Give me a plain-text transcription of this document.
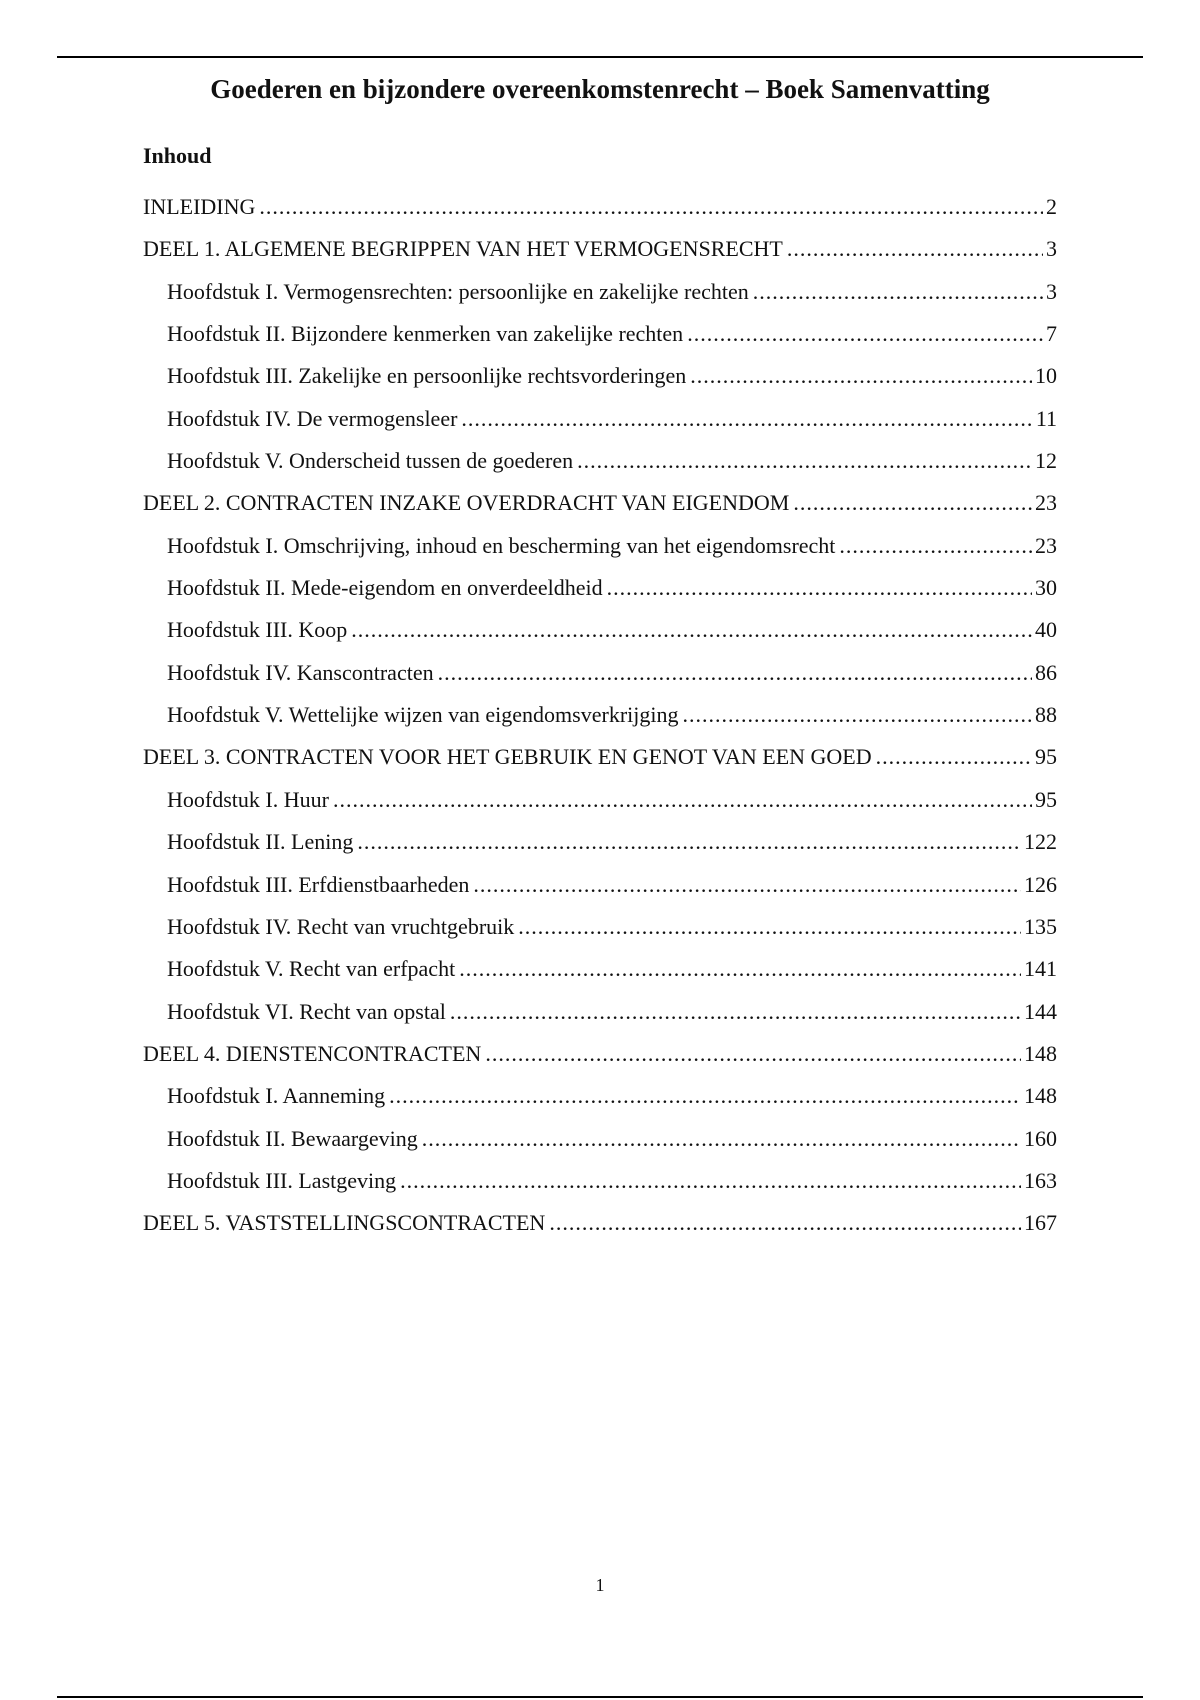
Goederen en bijzondere overeenkomstenrecht – Boek Samenvatting
Inhoud
INLEIDING .....	2
DEEL 1. ALGEMENE BEGRIPPEN VAN HET VERMOGENSRECHT .....	3
Hoofdstuk I. Vermogensrechten: persoonlijke en zakelijke rechten .....	3
Hoofdstuk II. Bijzondere kenmerken van zakelijke rechten .....	7
Hoofdstuk III. Zakelijke en persoonlijke rechtsvorderingen .....	10
Hoofdstuk IV. De vermogensleer .....	11
Hoofdstuk V. Onderscheid tussen de goederen .....	12
DEEL 2. CONTRACTEN INZAKE OVERDRACHT VAN EIGENDOM .....	23
Hoofdstuk I. Omschrijving, inhoud en bescherming van het eigendomsrecht .....	23
Hoofdstuk II. Mede-eigendom en onverdeeldheid .....	30
Hoofdstuk III. Koop .....	40
Hoofdstuk IV. Kanscontracten .....	86
Hoofdstuk V. Wettelijke wijzen van eigendomsverkrijging .....	88
DEEL 3. CONTRACTEN VOOR HET GEBRUIK EN GENOT VAN EEN GOED .....	95
Hoofdstuk I. Huur .....	95
Hoofdstuk II. Lening .....	122
Hoofdstuk III. Erfdienstbaarheden .....	126
Hoofdstuk IV. Recht van vruchtgebruik .....	135
Hoofdstuk V. Recht van erfpacht .....	141
Hoofdstuk VI. Recht van opstal .....	144
DEEL 4. DIENSTENCONTRACTEN .....	148
Hoofdstuk I. Aanneming .....	148
Hoofdstuk II. Bewaargeving .....	160
Hoofdstuk III. Lastgeving .....	163
DEEL 5. VASTSTELLINGSCONTRACTEN .....	167

1
